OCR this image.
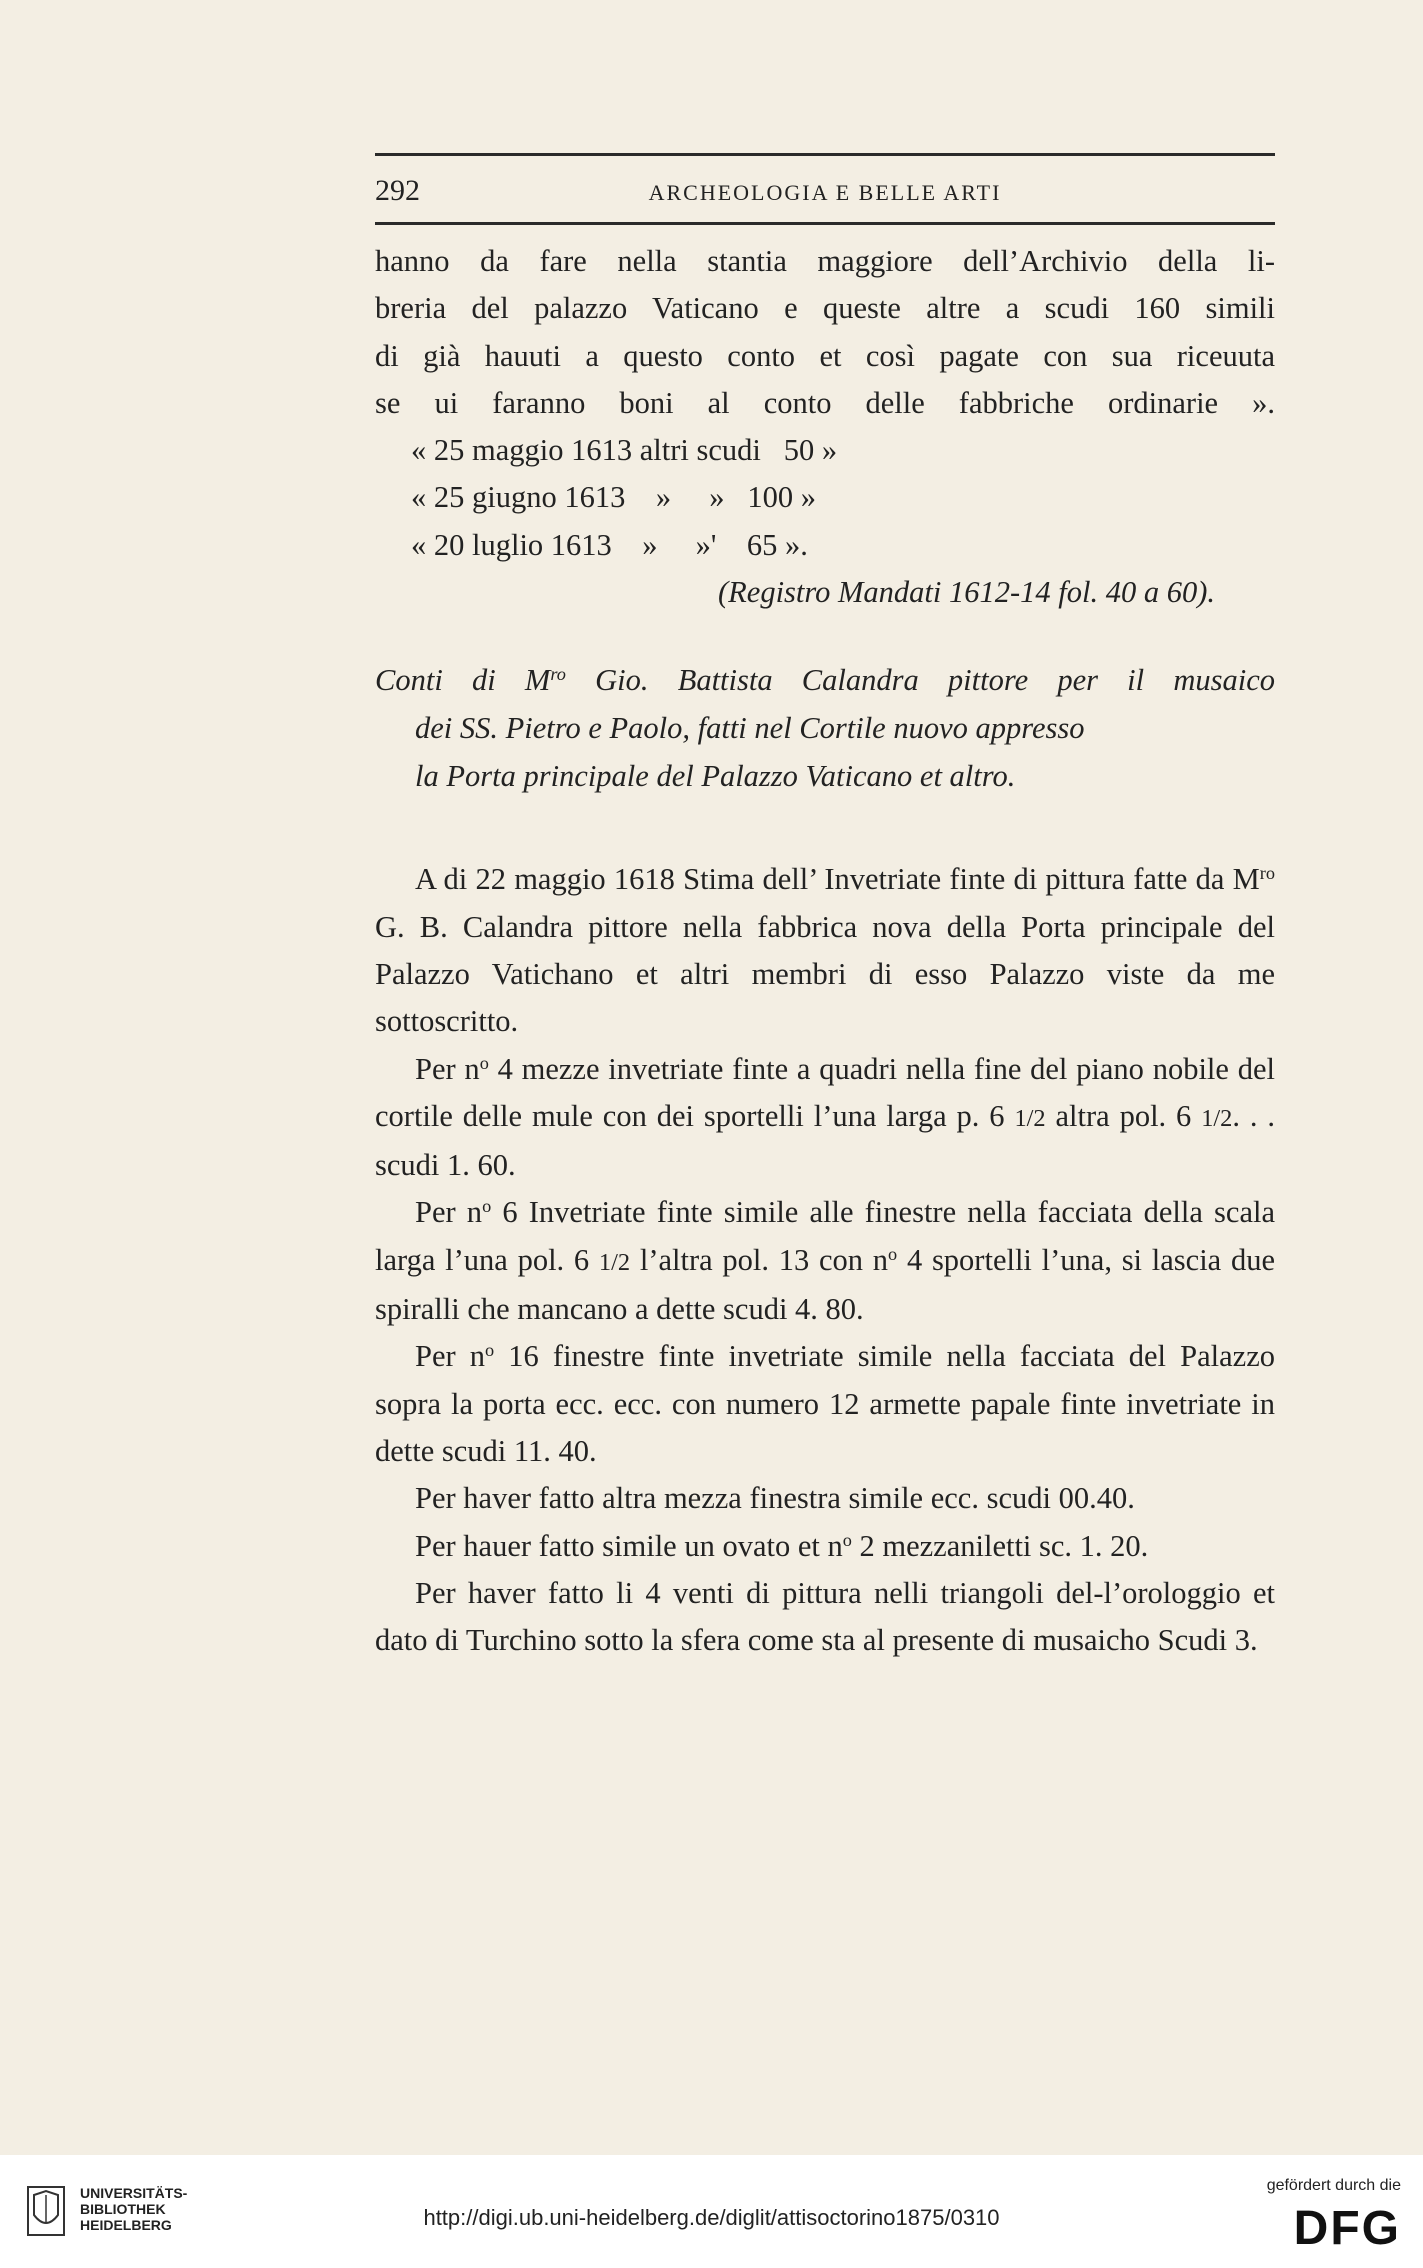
292	ARCHEOLOGIA E BELLE ARTI

hanno da fare nella stantia maggiore dell’Archivio della li-

breria del palazzo Vaticano e queste altre a scudi 160 simili

di già hauuti a questo conto et così pagate con sua riceuuta

se ui faranno boni al conto delle fabbriche ordinarie ».

« 25 maggio 1613 altri scudi   50 »

« 25 giugno 1613    »     »   100 »

« 20 luglio 1613    »     »'    65 ».

(Registro Mandati 1612-14 fol. 40 a 60).

Conti di $M^{ro}$ Gio. Battista Calandra pittore per il musaico
dei SS. Pietro e Paolo, fatti nel Cortile nuovo appresso
la Porta principale del Palazzo Vaticano et altro.

A di 22 maggio 1618 Stima dell’ Invetriate finte di pittura fatte da $M^{ro}$ G. B. Calandra pittore nella fabbrica nova della Porta principale del Palazzo Vatichano et altri membri di esso Palazzo viste da me sottoscritto.

Per $n^o$ 4 mezze invetriate finte a quadri nella fine del piano nobile del cortile delle mule con dei sportelli l’una larga p. 6 1/2 altra pol. 6 1/2. . . scudi 1. 60.

Per $n^o$ 6 Invetriate finte simile alle finestre nella facciata della scala larga l’una pol. 6 1/2 l’altra pol. 13 con $n^o$ 4 sportelli l’una, si lascia due spiralli che mancano a dette scudi 4. 80.

Per $n^o$ 16 finestre finte invetriate simile nella facciata del Palazzo sopra la porta ecc. ecc. con numero 12 armette papale finte invetriate in dette scudi 11. 40.

Per haver fatto altra mezza finestra simile ecc. scudi 00.40.

Per hauer fatto simile un ovato et $n^o$ 2 mezzaniletti sc. 1. 20.

Per haver fatto li 4 venti di pittura nelli triangoli del-l’orologgio et dato di Turchino sotto la sfera come sta al presente di musaicho Scudi 3.

UNIVERSITÄTS-
BIBLIOTHEK
HEIDELBERG	http://digi.ub.uni-heidelberg.de/diglit/attisoctorino1875/0310
gefördert durch die
DFG
